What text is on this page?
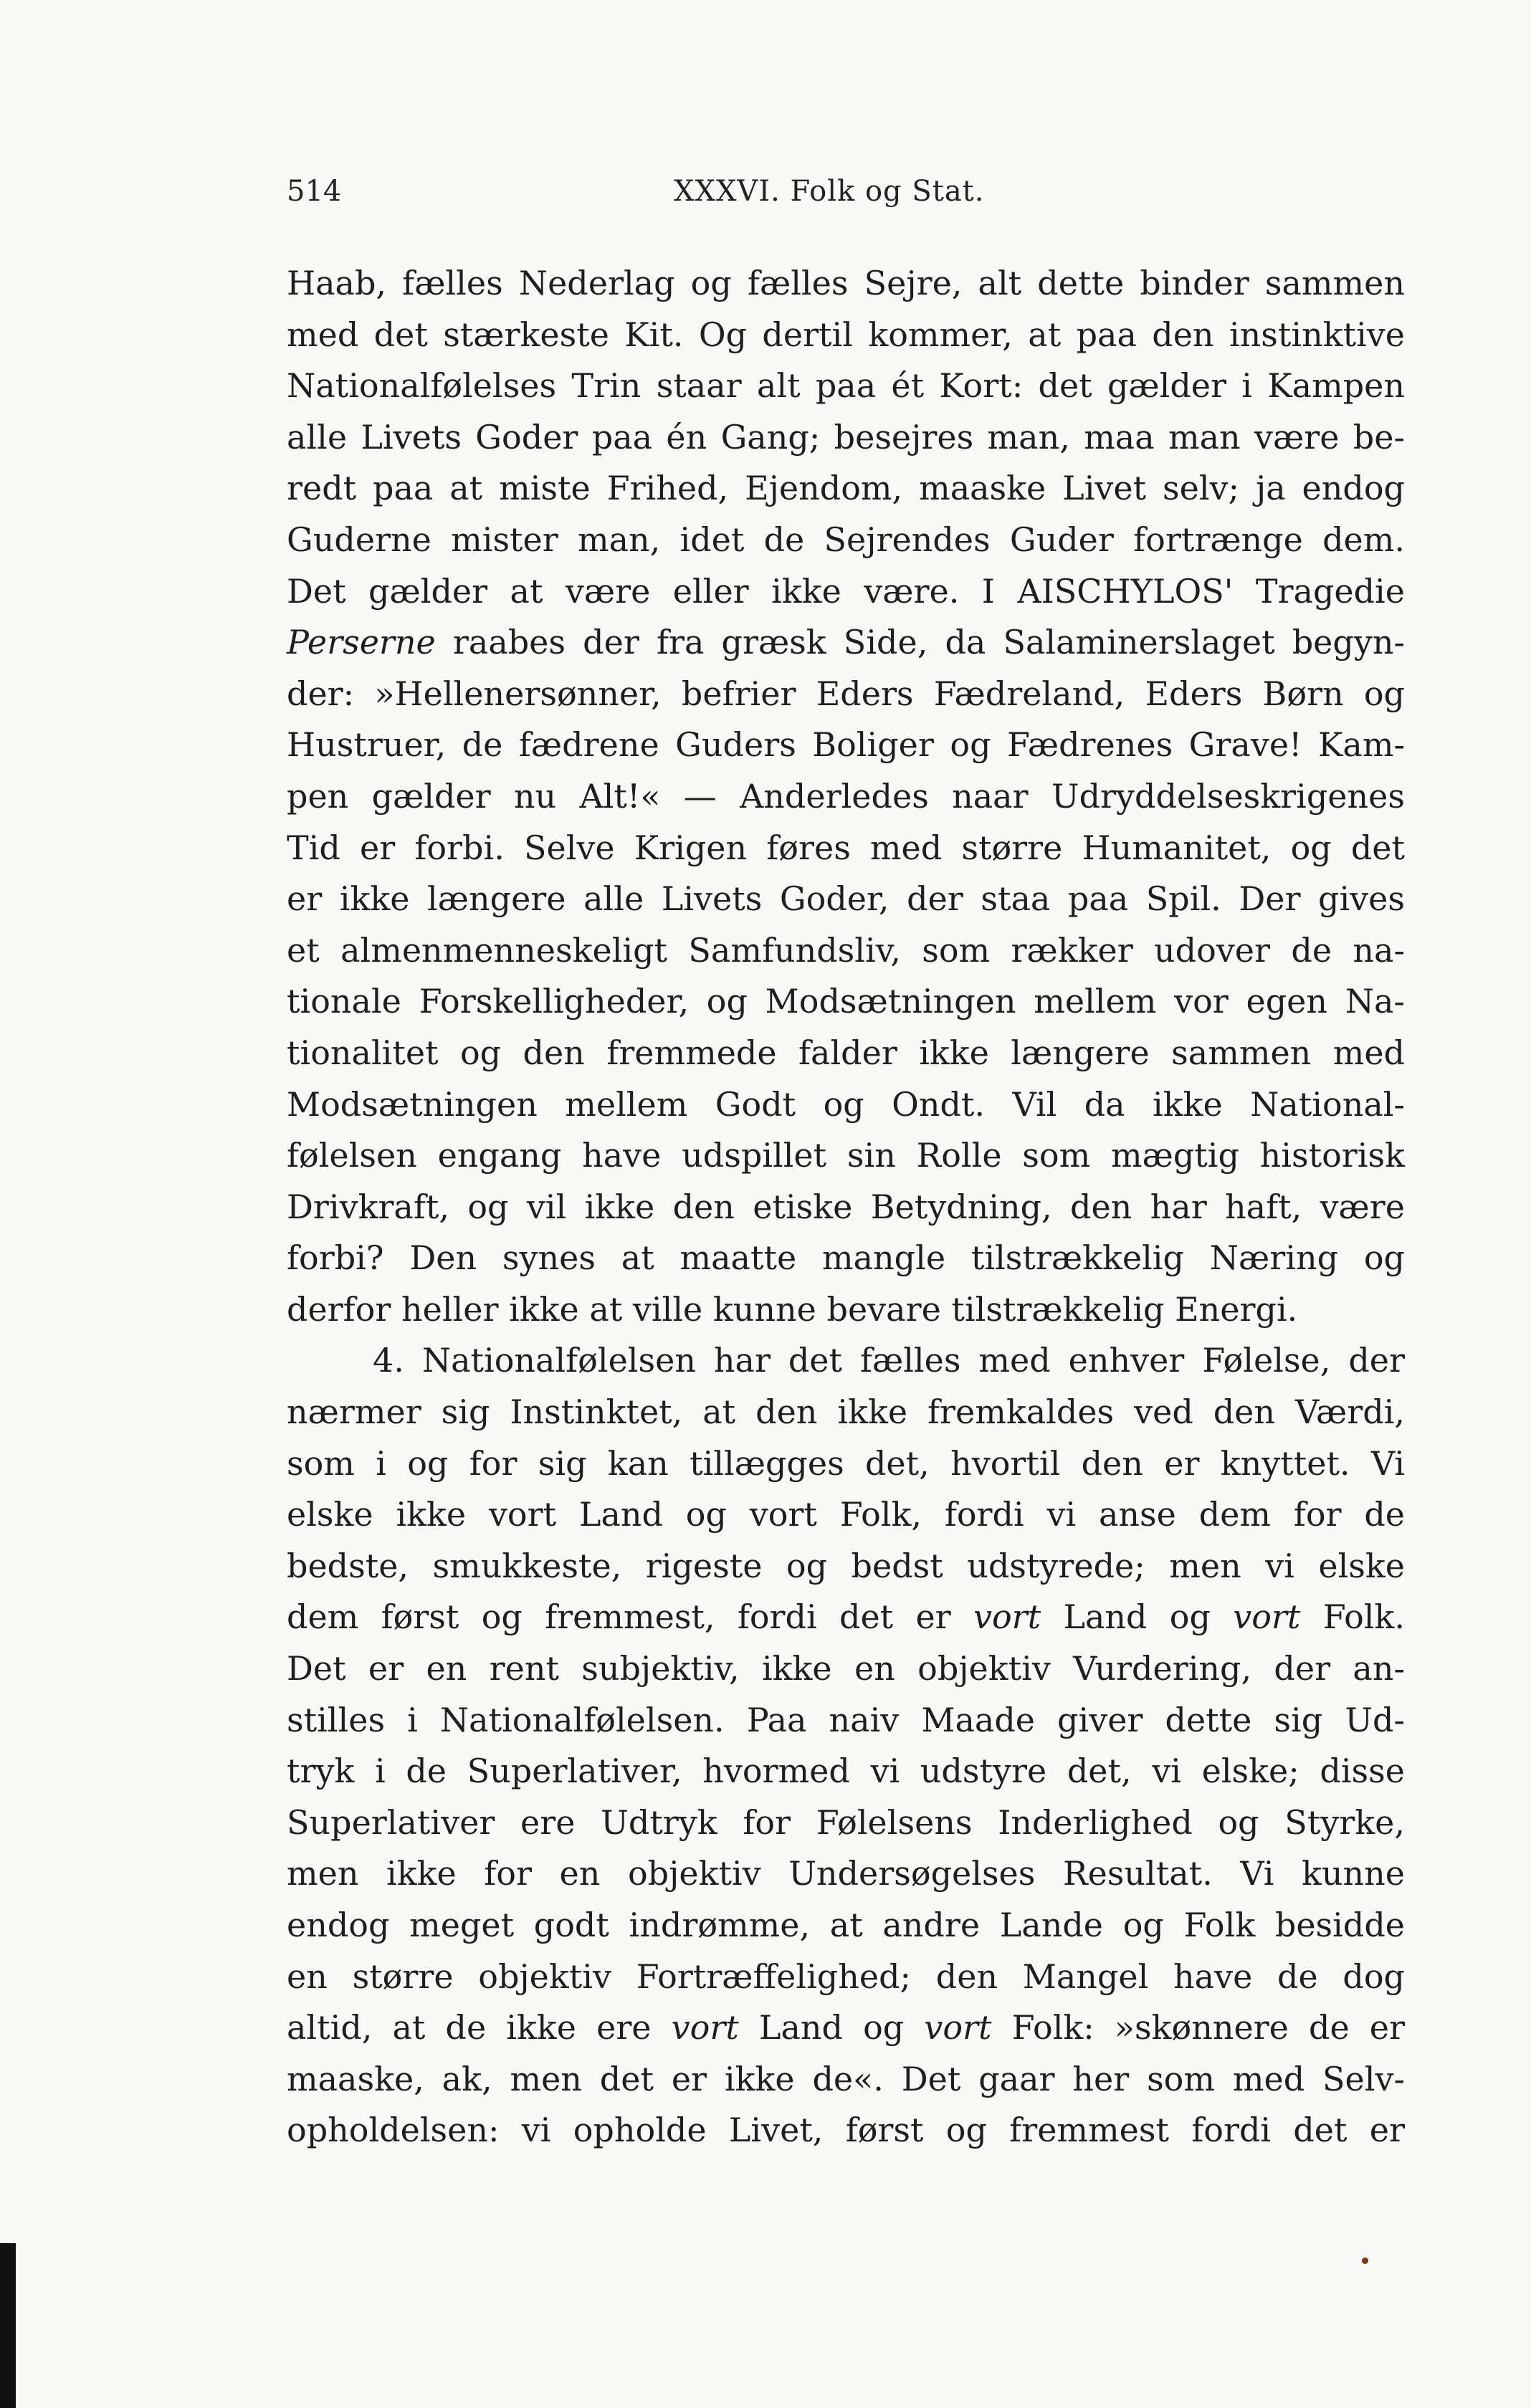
514	XXXVI. Folk og Stat.
Haab, fælles Nederlag og fælles Sejre, alt dette binder sammen
med det stærkeste Kit. Og dertil kommer, at paa den instinktive
Nationalfølelses Trin staar alt paa ét Kort: det gælder i Kampen
alle Livets Goder paa én Gang; besejres man, maa man være be-
redt paa at miste Frihed, Ejendom, maaske Livet selv; ja endog
Guderne mister man, idet de Sejrendes Guder fortrænge dem.
Det gælder at være eller ikke være. I AISCHYLOS' Tragedie
Perserne raabes der fra græsk Side, da Salaminerslaget begyn-
der: »Hellenersønner, befrier Eders Fædreland, Eders Børn og
Hustruer, de fædrene Guders Boliger og Fædrenes Grave! Kam-
pen gælder nu Alt!« — Anderledes naar Udryddelseskrigenes
Tid er forbi. Selve Krigen føres med større Humanitet, og det
er ikke længere alle Livets Goder, der staa paa Spil. Der gives
et almenmenneskeligt Samfundsliv, som rækker udover de na-
tionale Forskelligheder, og Modsætningen mellem vor egen Na-
tionalitet og den fremmede falder ikke længere sammen med
Modsætningen mellem Godt og Ondt. Vil da ikke National-
følelsen engang have udspillet sin Rolle som mægtig historisk
Drivkraft, og vil ikke den etiske Betydning, den har haft, være
forbi? Den synes at maatte mangle tilstrækkelig Næring og
derfor heller ikke at ville kunne bevare tilstrækkelig Energi.
4. Nationalfølelsen har det fælles med enhver Følelse, der
nærmer sig Instinktet, at den ikke fremkaldes ved den Værdi,
som i og for sig kan tillægges det, hvortil den er knyttet. Vi
elske ikke vort Land og vort Folk, fordi vi anse dem for de
bedste, smukkeste, rigeste og bedst udstyrede; men vi elske
dem først og fremmest, fordi det er vort Land og vort Folk.
Det er en rent subjektiv, ikke en objektiv Vurdering, der an-
stilles i Nationalfølelsen. Paa naiv Maade giver dette sig Ud-
tryk i de Superlativer, hvormed vi udstyre det, vi elske; disse
Superlativer ere Udtryk for Følelsens Inderlighed og Styrke,
men ikke for en objektiv Undersøgelses Resultat. Vi kunne
endog meget godt indrømme, at andre Lande og Folk besidde
en større objektiv Fortræffelighed; den Mangel have de dog
altid, at de ikke ere vort Land og vort Folk: »skønnere de er
maaske, ak, men det er ikke de«. Det gaar her som med Selv-
opholdelsen: vi opholde Livet, først og fremmest fordi det er
